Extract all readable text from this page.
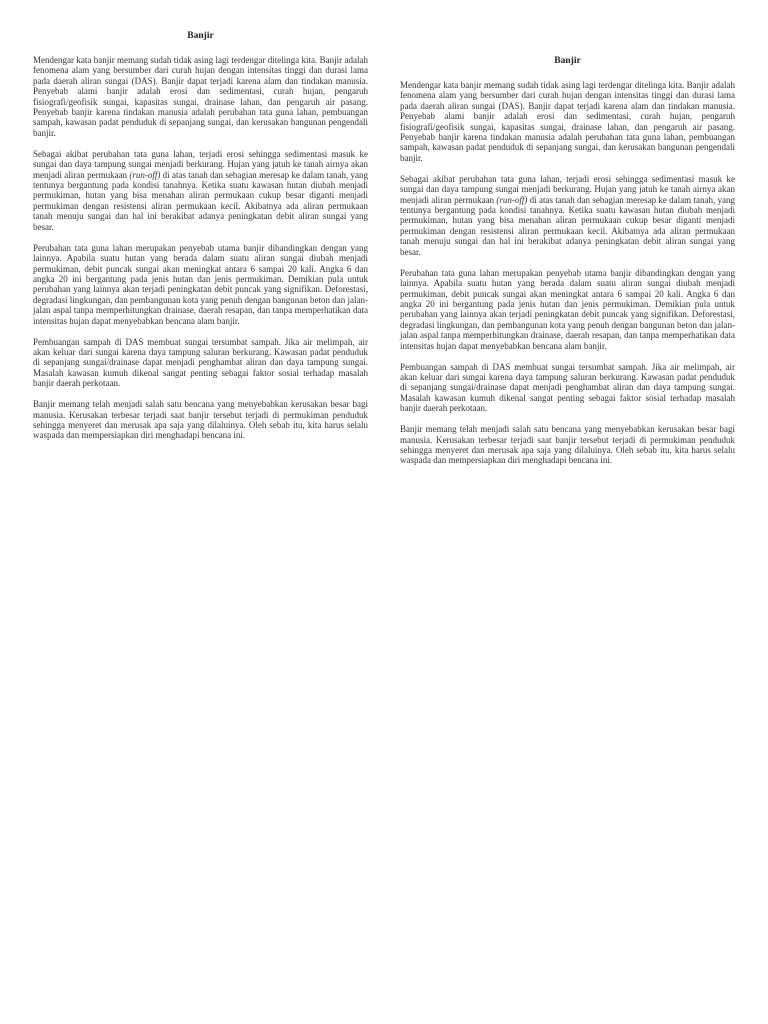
Banjir

Mendengar kata banjir memang sudah tidak asing lagi terdengar ditelinga kita. Banjir adalah fenomena alam yang bersumber dari curah hujan dengan intensitas tinggi dan durasi lama pada daerah aliran sungai (DAS). Banjir dapat terjadi karena alam dan tindakan manusia. Penyebab alami banjir adalah erosi dan sedimentasi, curah hujan, pengaruh fisiografi/geofisik sungai, kapasitas sungai, drainase lahan, dan pengaruh air pasang. Penyebab banjir karena tindakan manusia adalah perubahan tata guna lahan, pembuangan sampah, kawasan padat penduduk di sepanjang sungai, dan kerusakan bangunan pengendali banjir.

Sebagai akibat perubahan tata guna lahan, terjadi erosi sehingga sedimentasi masuk ke sungai dan daya tampung sungai menjadi berkurang. Hujan yang jatuh ke tanah airnya akan menjadi aliran permukaan (run-off) di atas tanah dan sebagian meresap ke dalam tanah, yang tentunya bergantung pada kondisi tanahnya. Ketika suatu kawasan hutan diubah menjadi permukiman, hutan yang bisa menahan aliran permukaan cukup besar diganti menjadi permukiman dengan resistensi aliran permukaan kecil. Akibatnya ada aliran permukaan tanah menuju sungai dan hal ini berakibat adanya peningkatan debit aliran sungai yang besar.

Perubahan tata guna lahan merupakan penyebab utama banjir dibandingkan dengan yang lainnya. Apabila suatu hutan yang berada dalam suatu aliran sungai diubah menjadi permukiman, debit puncak sungai akan meningkat antara 6 sampai 20 kali. Angka 6 dan angka 20 ini bergantung pada jenis hutan dan jenis permukiman. Demikian pula untuk perubahan yang lainnya akan terjadi peningkatan debit puncak yang signifikan. Deforestasi, degradasi lingkungan, dan pembangunan kota yang penuh dengan bangunan beton dan jalan-jalan aspal tanpa memperhitungkan drainase, daerah resapan, dan tanpa memperhatikan data intensitas hujan dapat menyebabkan bencana alam banjir.

Pembuangan sampah di DAS membuat sungai tersumbat sampah. Jika air melimpah, air akan keluar dari sungai karena daya tampung saluran berkurang. Kawasan padat penduduk di sepanjang sungai/drainase dapat menjadi penghambat aliran dan daya tampung sungai. Masalah kawasan kumuh dikenal sangat penting sebagai faktor sosial terhadap masalah banjir daerah perkotaan.

Banjir memang telah menjadi salah satu bencana yang menyebabkan kerusakan besar bagi manusia. Kerusakan terbesar terjadi saat banjir tersebut terjadi di permukiman penduduk sehingga menyeret dan merusak apa saja yang dilaluinya. Oleh sebab itu, kita harus selalu waspada dan mempersiapkan diri menghadapi bencana ini.

Banjir

Mendengar kata banjir memang sudah tidak asing lagi terdengar ditelinga kita. Banjir adalah fenomena alam yang bersumber dari curah hujan dengan intensitas tinggi dan durasi lama pada daerah aliran sungai (DAS). Banjir dapat terjadi karena alam dan tindakan manusia. Penyebab alami banjir adalah erosi dan sedimentasi, curah hujan, pengaruh fisiografi/geofisik sungai, kapasitas sungai, drainase lahan, dan pengaruh air pasang. Penyebab banjir karena tindakan manusia adalah perubahan tata guna lahan, pembuangan sampah, kawasan padat penduduk di sepanjang sungai, dan kerusakan bangunan pengendali banjir.

Sebagai akibat perubahan tata guna lahan, terjadi erosi sehingga sedimentasi masuk ke sungai dan daya tampung sungai menjadi berkurang. Hujan yang jatuh ke tanah airnya akan menjadi aliran permukaan (run-off) di atas tanah dan sebagian meresap ke dalam tanah, yang tentunya bergantung pada kondisi tanahnya. Ketika suatu kawasan hutan diubah menjadi permukiman, hutan yang bisa menahan aliran permukaan cukup besar diganti menjadi permukiman dengan resistensi aliran permukaan kecil. Akibatnya ada aliran permukaan tanah menuju sungai dan hal ini berakibat adanya peningkatan debit aliran sungai yang besar.

Perubahan tata guna lahan merupakan penyebab utama banjir dibandingkan dengan yang lainnya. Apabila suatu hutan yang berada dalam suatu aliran sungai diubah menjadi permukiman, debit puncak sungai akan meningkat antara 6 sampai 20 kali. Angka 6 dan angka 20 ini bergantung pada jenis hutan dan jenis permukiman. Demikian pula untuk perubahan yang lainnya akan terjadi peningkatan debit puncak yang signifikan. Deforestasi, degradasi lingkungan, dan pembangunan kota yang penuh dengan bangunan beton dan jalan-jalan aspal tanpa memperhitungkan drainase, daerah resapan, dan tanpa memperhatikan data intensitas hujan dapat menyebabkan bencana alam banjir.

Pembuangan sampah di DAS membuat sungai tersumbat sampah. Jika air melimpah, air akan keluar dari sungai karena daya tampung saluran berkurang. Kawasan padat penduduk di sepanjang sungai/drainase dapat menjadi penghambat aliran dan daya tampung sungai. Masalah kawasan kumuh dikenal sangat penting sebagai faktor sosial terhadap masalah banjir daerah perkotaan.

Banjir memang telah menjadi salah satu bencana yang menyebabkan kerusakan besar bagi manusia. Kerusakan terbesar terjadi saat banjir tersebut terjadi di permukiman penduduk sehingga menyeret dan merusak apa saja yang dilaluinya. Oleh sebab itu, kita harus selalu waspada dan mempersiapkan diri menghadapi bencana ini.
